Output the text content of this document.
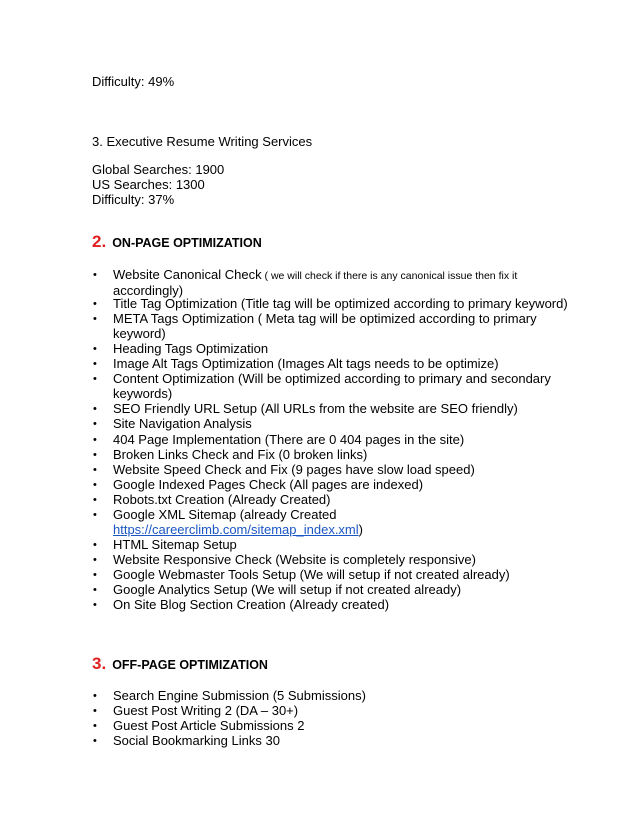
Difficulty: 49%
3. Executive Resume Writing Services
Global Searches: 1900
US Searches: 1300
Difficulty: 37%
2. ON-PAGE OPTIMIZATION
• Website Canonical Check ( we will check if there is any canonical issue then fix it
accordingly)
• Title Tag Optimization (Title tag will be optimized according to primary keyword)
• META Tags Optimization ( Meta tag will be optimized according to primary
keyword)
• Heading Tags Optimization
• Image Alt Tags Optimization (Images Alt tags needs to be optimize)
• Content Optimization (Will be optimized according to primary and secondary
keywords)
• SEO Friendly URL Setup (All URLs from the website are SEO friendly)
• Site Navigation Analysis
• 404 Page Implementation (There are 0 404 pages in the site)
• Broken Links Check and Fix (0 broken links)
• Website Speed Check and Fix (9 pages have slow load speed)
• Google Indexed Pages Check (All pages are indexed)
• Robots.txt Creation (Already Created)
• Google XML Sitemap (already Created
https://careerclimb.com/sitemap_index.xml)
• HTML Sitemap Setup
• Website Responsive Check (Website is completely responsive)
• Google Webmaster Tools Setup (We will setup if not created already)
• Google Analytics Setup (We will setup if not created already)
• On Site Blog Section Creation (Already created)
3. OFF-PAGE OPTIMIZATION
• Search Engine Submission (5 Submissions)
• Guest Post Writing 2 (DA – 30+)
• Guest Post Article Submissions 2
• Social Bookmarking Links 30
